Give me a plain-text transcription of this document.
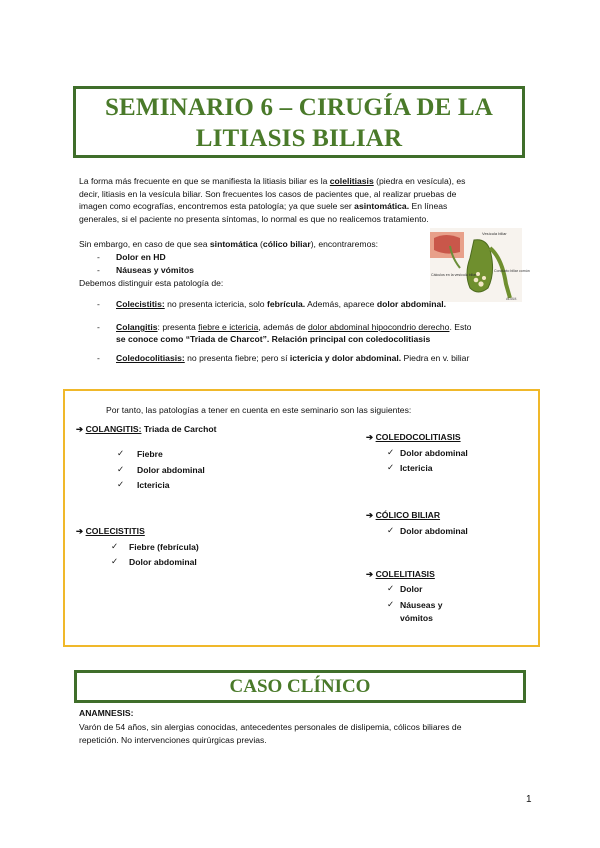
SEMINARIO 6 – CIRUGÍA DE LA
LITIASIS BILIAR
La forma más frecuente en que se manifiesta la litiasis biliar es la colelitiasis (piedra en vesícula), es
decir, litiasis en la vesícula biliar. Son frecuentes los casos de pacientes que, al realizar pruebas de
imagen como ecografías, encontremos esta patología; ya que suele ser asintomática. En líneas
generales, si el paciente no presenta síntomas, lo normal es que no realicemos tratamiento.
Sin embargo, en caso de que sea sintomática (cólico biliar), encontraremos:
- Dolor en HD
- Náuseas y vómitos
Debemos distinguir esta patología de:
Vesícula biliar
Cálculos en la vesícula biliar
Conducto biliar común
ADAM.
- Colecistitis: no presenta ictericia, solo febrícula. Además, aparece dolor abdominal.
- Colangitis: presenta fiebre e ictericia, además de dolor abdominal hipocondrio derecho. Esto
se conoce como “Triada de Charcot”. Relación principal con coledocolitiasis
- Coledocolitiasis: no presenta fiebre; pero sí ictericia y dolor abdominal. Piedra en v. biliar
Por tanto, las patologías a tener en cuenta en este seminario son las siguientes:
➔ COLANGITIS: Triada de Carchot
✓ Fiebre
✓ Dolor abdominal
✓ Ictericia
➔ COLECISTITIS
✓ Fiebre (febrícula)
✓ Dolor abdominal
➔ COLEDOCOLITIASIS
✓ Dolor abdominal
✓ Ictericia
➔ CÓLICO BILIAR
✓ Dolor abdominal
➔ COLELITIASIS
✓ Dolor
✓ Náuseas y
vómitos
CASO CLÍNICO
ANAMNESIS:
Varón de 54 años, sin alergias conocidas, antecedentes personales de dislipemia, cólicos biliares de
repetición. No intervenciones quirúrgicas previas.
1
